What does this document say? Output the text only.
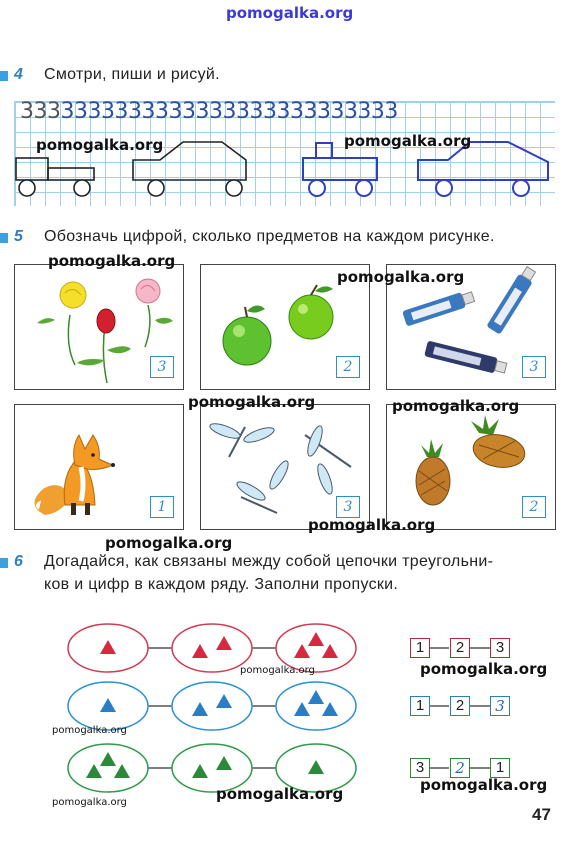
pomogalka.org
4 Смотри, пиши и рисуй.
3333333333333333333333333333
pomogalka.org	pomogalka.org
5 Обозначь цифрой, сколько предметов на каждом рисунке.
3	2	3
1	3	2
pomogalka.org
pomogalka.org
pomogalka.org	pomogalka.org
pomogalka.org
pomogalka.org
6 Догадайся, как связаны между собой цепочки треугольни-
ков и цифр в каждом ряду. Заполни пропуски.
1	2	3
1	2	3
3	2	1
pomogalka.org	pomogalka.org
pomogalka.org
pomogalka.org
pomogalka.org
pomogalka.org
47
